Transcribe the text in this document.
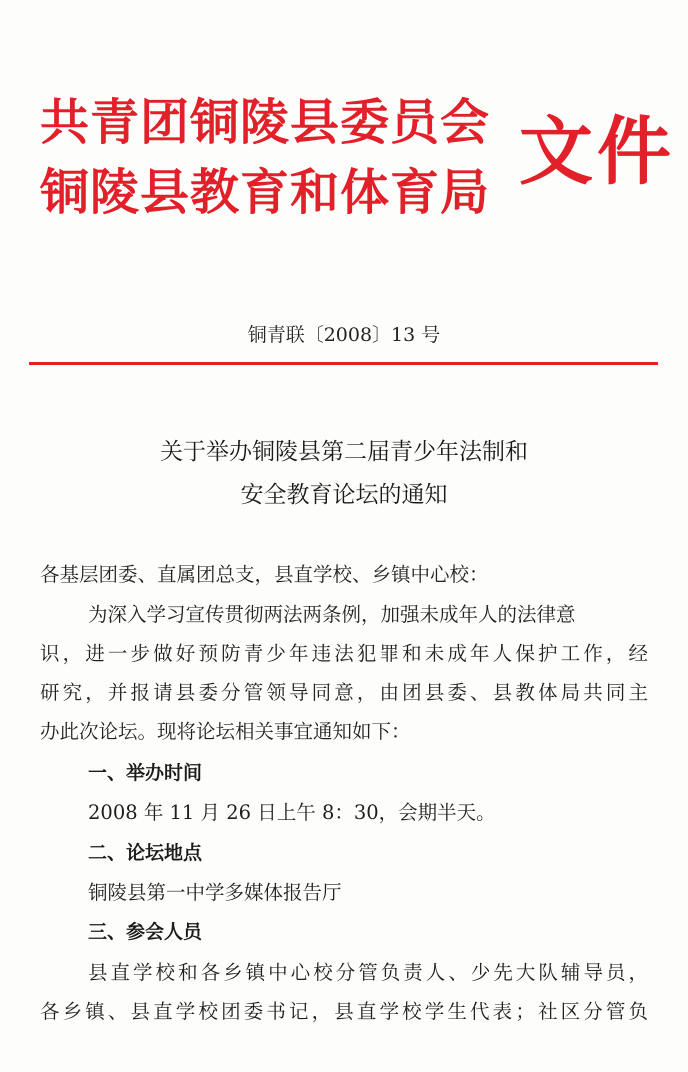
共青团铜陵县委员会
铜陵县教育和体育局 文件
铜青联〔2008〕13 号
关于举办铜陵县第二届青少年法制和
安全教育论坛的通知
各基层团委、直属团总支，县直学校、乡镇中心校：
为深入学习宣传贯彻两法两条例，加强未成年人的法律意
识，进一步做好预防青少年违法犯罪和未成年人保护工作，经
研究，并报请县委分管领导同意，由团县委、县教体局共同主
办此次论坛。现将论坛相关事宜通知如下：
一、举办时间
2008 年 11 月 26 日上午 8：30，会期半天。
二、论坛地点
铜陵县第一中学多媒体报告厅
三、参会人员
县直学校和各乡镇中心校分管负责人、少先大队辅导员，
各乡镇、县直学校团委书记，县直学校学生代表；社区分管负
